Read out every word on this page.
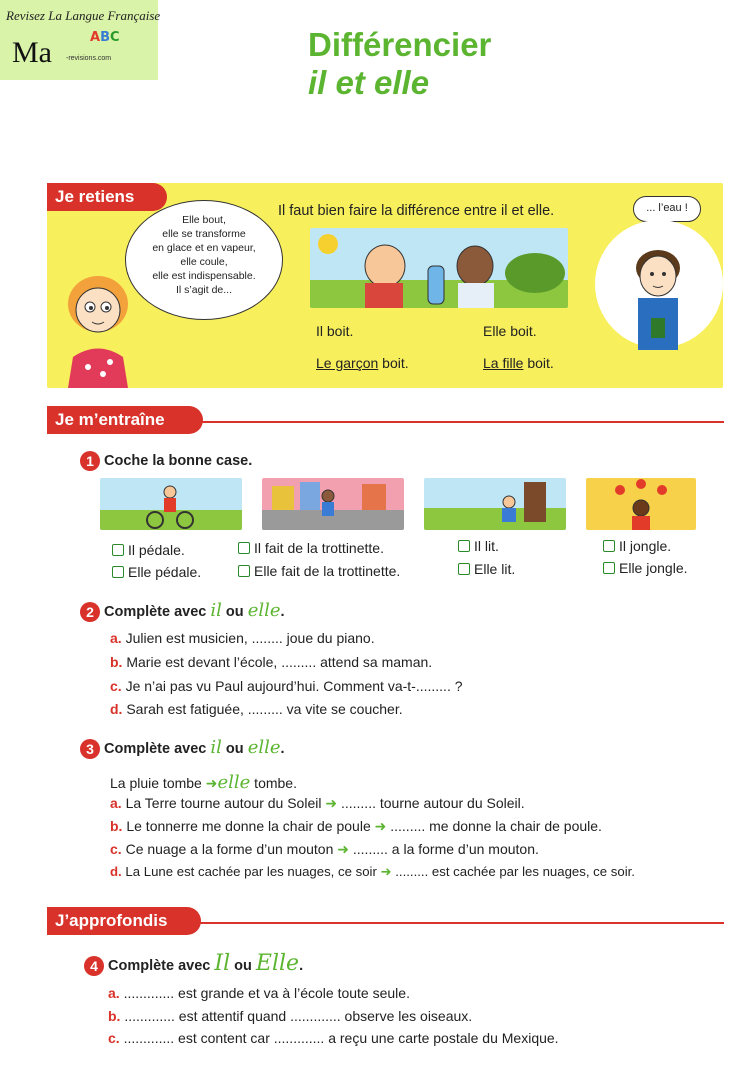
Revisez La Langue Française
Ma	ABC
-revisions.com	Différencier
il et elle
Je retiens
Elle bout,
elle se transforme
en glace et en vapeur,
elle coule,
elle est indispensable.
Il s’agit de...
Il faut bien faire la différence entre il et elle.
Il boit.	Elle boit.
Le garçon boit.	La fille boit.
... l’eau !
Je m’entraîne
1 Coche la bonne case.
Il pédale.
Elle pédale.
Il fait de la trottinette.
Elle fait de la trottinette.
Il lit.
Elle lit.
Il jongle.
Elle jongle.
2 Complète avec il ou elle.
a. Julien est musicien, ........ joue du piano.
b. Marie est devant l’école, ......... attend sa maman.
c. Je n’ai pas vu Paul aujourd’hui. Comment va-t-......... ?
d. Sarah est fatiguée, ......... va vite se coucher.
3 Complète avec il ou elle.
La pluie tombe ➜elle tombe.
a. La Terre tourne autour du Soleil ➜ ......... tourne autour du Soleil.
b. Le tonnerre me donne la chair de poule ➜ ......... me donne la chair de poule.
c. Ce nuage a la forme d’un mouton ➜ ......... a la forme d’un mouton.
d. La Lune est cachée par les nuages, ce soir ➜ ......... est cachée par les nuages, ce soir.
J’approfondis
4 Complète avec Il ou Elle.
a. ............. est grande et va à l’école toute seule.
b. ............. est attentif quand ............. observe les oiseaux.
c. ............. est content car ............. a reçu une carte postale du Mexique.
